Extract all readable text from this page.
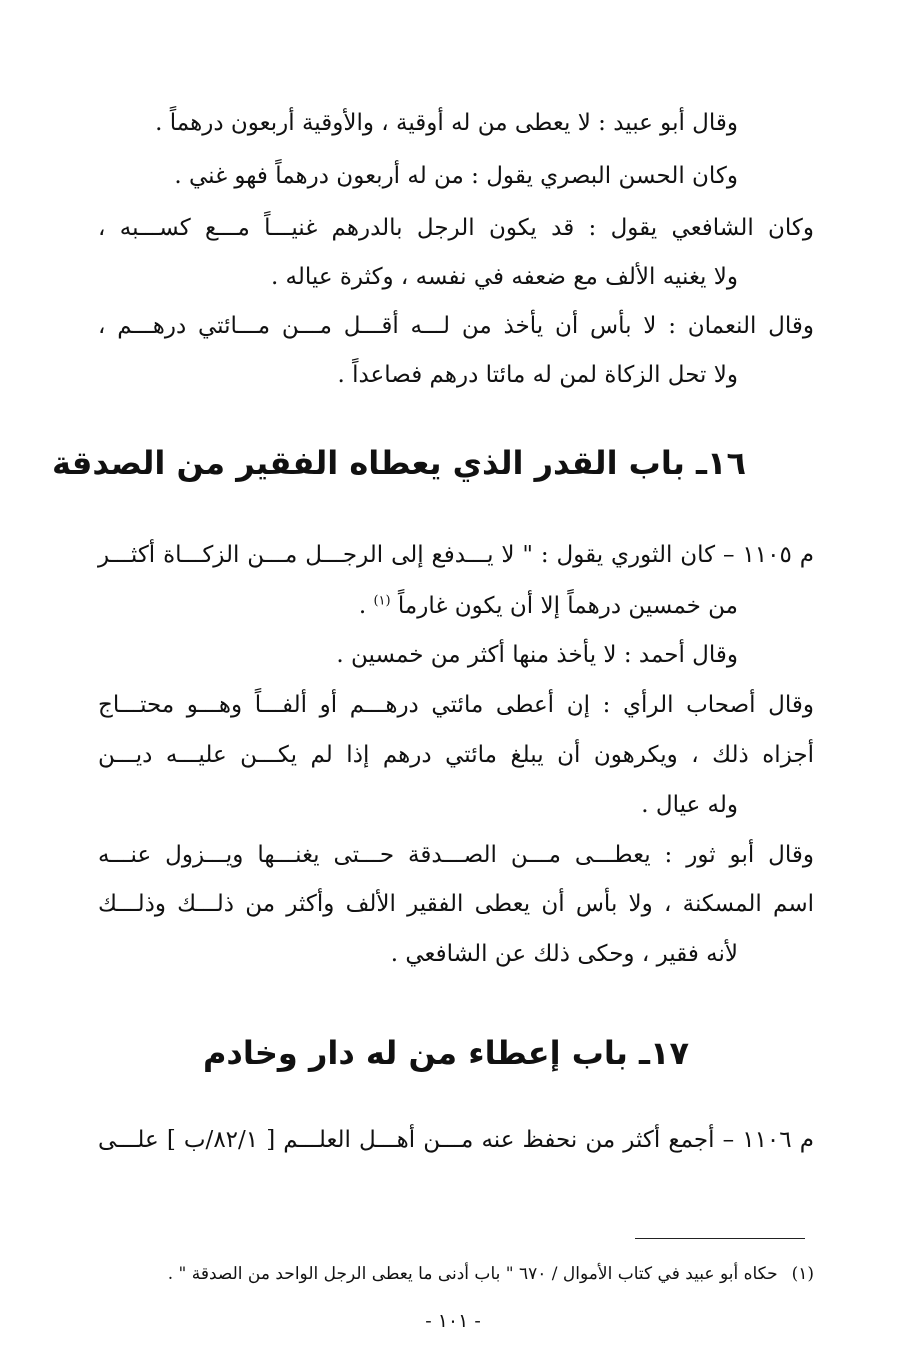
وقال أبو عبيد : لا يعطى من له أوقية ، والأوقية أربعون درهماً .
وكان الحسن البصري يقول : من له أربعون درهماً فهو غني .
وكان الشافعي يقول : قد يكون الرجل بالدرهم غنيـــاً مـــع كســـبه ،
ولا يغنيه الألف مع ضعفه في نفسه ، وكثرة عياله .
وقال النعمان : لا بأس أن يأخذ من لـــه أقـــل مـــن مـــائتي درهـــم ،
ولا تحل الزكاة لمن له مائتا درهم فصاعداً .
١٦ـ باب القدر الذي يعطاه الفقير من الصدقة
م ١١٠٥ – كان الثوري يقول : " لا يـــدفع إلى الرجـــل مـــن الزكـــاة أكثـــر
من خمسين درهماً إلا أن يكون غارماً $^{(١)}$ .
وقال أحمد : لا يأخذ منها أكثر من خمسين .
وقال أصحاب الرأي : إن أعطى مائتي درهـــم أو ألفـــاً وهـــو محتـــاج
أجزاه ذلك ، ويكرهون أن يبلغ مائتي درهم إذا لم يكـــن عليـــه ديـــن
وله عيال .
وقال أبو ثور : يعطـــى مـــن الصـــدقة حـــتى يغنـــها ويـــزول عنـــه
اسم المسكنة ، ولا بأس أن يعطى الفقير الألف وأكثر من ذلـــك وذلـــك
لأنه فقير ، وحكى ذلك عن الشافعي .
١٧ـ باب إعطاء من له دار وخادم
م ١١٠٦ – أجمع أكثر من نحفظ عنه مـــن أهـــل العلـــم [ ٨٢/١/ب ] علـــى
(١)حكاه أبو عبيد في كتاب الأموال / ٦٧٠ " باب أدنى ما يعطى الرجل الواحد من الصدقة " .
- ١٠١ -
